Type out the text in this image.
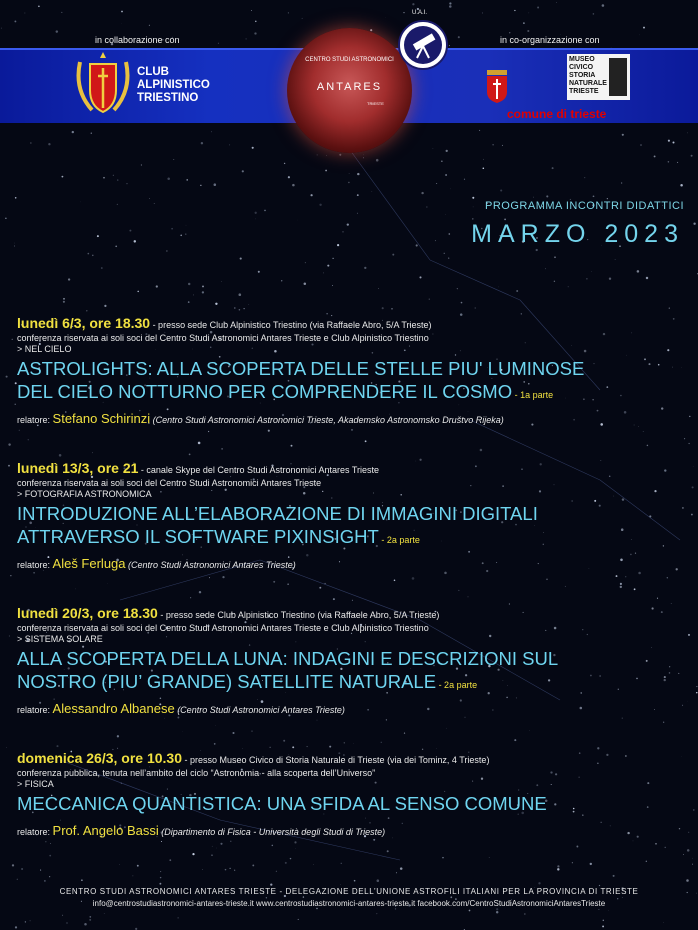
in collaborazione con	in co-organizzazione con
CLUB ALPINISTICO TRIESTINO
CENTRO STUDI ASTRONOMICI
ANTARES
TRIESTE
U.A.I.
MUSEO CIVICO STORIA NATURALE TRIESTE
comune di trieste
PROGRAMMA INCONTRI DIDATTICI
MARZO 2023
lunedì 6/3, ore 18.30 - presso sede Club Alpinistico Triestino (via Raffaele Abro, 5/A Trieste)
conferenza riservata ai soli soci del Centro Studi Astronomici Antares Trieste e Club Alpinistico Triestino
> NEL CIELO
ASTROLIGHTS: ALLA SCOPERTA DELLE STELLE PIU' LUMINOSE DEL CIELO NOTTURNO PER COMPRENDERE IL COSMO - 1a parte
relatore: Stefano Schirinzi (Centro Studi Astronomici Astronomici Trieste, Akademsko Astronomsko Društvo Rijeka)
lunedì 13/3, ore 21 - canale Skype del Centro Studi Astronomici Antares Trieste
conferenza riservata ai soli soci del Centro Studi Astronomici Antares Trieste
> FOTOGRAFIA ASTRONOMICA
INTRODUZIONE ALL’ELABORAZIONE DI IMMAGINI DIGITALI ATTRAVERSO IL SOFTWARE PIXINSIGHT - 2a parte
relatore: Aleš Ferluga (Centro Studi Astronomici Antares Trieste)
lunedì 20/3, ore 18.30 - presso sede Club Alpinistico Triestino (via Raffaele Abro, 5/A Trieste)
conferenza riservata ai soli soci del Centro Studi Astronomici Antares Trieste e Club Alpinistico Triestino
> SISTEMA SOLARE
ALLA SCOPERTA DELLA LUNA: INDAGINI E DESCRIZIONI SUL NOSTRO (PIU’ GRANDE) SATELLITE NATURALE - 2a parte
relatore: Alessandro Albanese (Centro Studi Astronomici Antares Trieste)
domenica 26/3, ore 10.30 - presso Museo Civico di Storia Naturale di Trieste (via dei Tominz, 4 Trieste)
conferenza pubblica, tenuta nell’ambito del ciclo “Astronomia - alla scoperta dell’Universo”
> FISICA
MECCANICA QUANTISTICA: UNA SFIDA AL SENSO COMUNE
relatore: Prof. Angelo Bassi (Dipartimento di Fisica - Università degli Studi di Trieste)
CENTRO STUDI ASTRONOMICI ANTARES TRIESTE - DELEGAZIONE DELL’UNIONE ASTROFILI ITALIANI PER LA PROVINCIA DI TRIESTE
info@centrostudiastronomici-antares-trieste.it www.centrostudiastronomici-antares-trieste.it facebook.com/CentroStudiAstronomiciAntaresTrieste
